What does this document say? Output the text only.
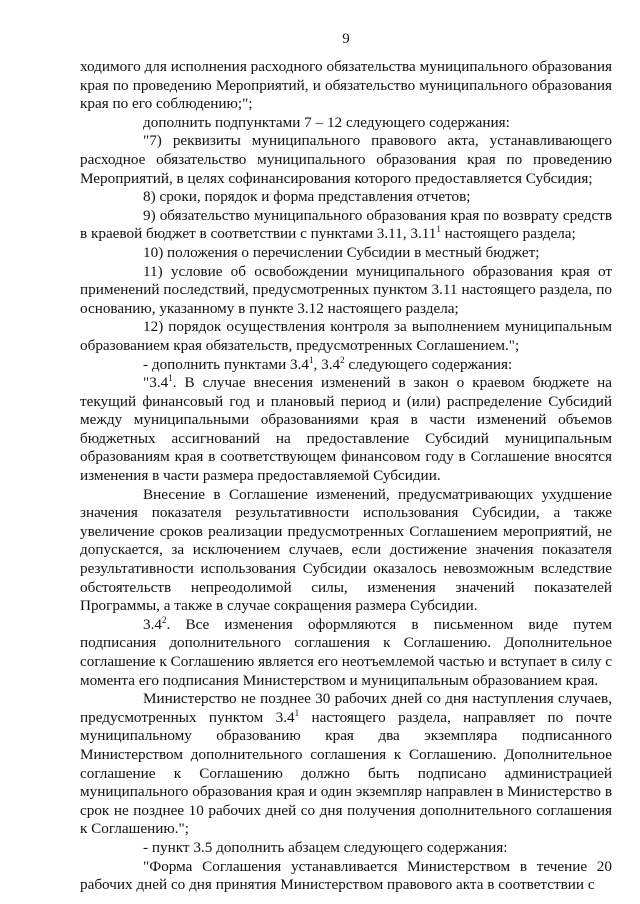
9

ходимого для исполнения расходного обязательства муниципального образования края по проведению Мероприятий, и обязательство муниципального образования края по его соблюдению;";

дополнить подпунктами 7 – 12 следующего содержания:

"7) реквизиты муниципального правового акта, устанавливающего расходное обязательство муниципального образования края по проведению Мероприятий, в целях софинансирования которого предоставляется Субсидия;

8) сроки, порядок и форма представления отчетов;

9) обязательство муниципального образования края по возврату средств в краевой бюджет в соответствии с пунктами 3.11, 3.11$^1$ настоящего раздела;

10) положения о перечислении Субсидии в местный бюджет;

11) условие об освобождении муниципального образования края от применений последствий, предусмотренных пунктом 3.11 настоящего раздела, по основанию, указанному в пункте 3.12 настоящего раздела;

12) порядок осуществления контроля за выполнением муниципальным образованием края обязательств, предусмотренных Соглашением.";

- дополнить пунктами $3.4^1$, $3.4^2$ следующего содержания:

"$3.4^1$. В случае внесения изменений в закон о краевом бюджете на текущий финансовый год и плановый период и (или) распределение Субсидий между муниципальными образованиями края в части изменений объемов бюджетных ассигнований на предоставление Субсидий муниципальным образованиям края в соответствующем финансовом году в Соглашение вносятся изменения в части размера предоставляемой Субсидии.

Внесение в Соглашение изменений, предусматривающих ухудшение значения показателя результативности использования Субсидии, а также увеличение сроков реализации предусмотренных Соглашением мероприятий, не допускается, за исключением случаев, если достижение значения показателя результативности использования Субсидии оказалось невозможным вследствие обстоятельств непреодолимой силы, изменения значений показателей Программы, а также в случае сокращения размера Субсидии.

$3.4^2$. Все изменения оформляются в письменном виде путем подписания дополнительного соглашения к Соглашению. Дополнительное соглашение к Соглашению является его неотъемлемой частью и вступает в силу с момента его подписания Министерством и муниципальным образованием края.

Министерство не позднее 30 рабочих дней со дня наступления случаев, предусмотренных пунктом $3.4^1$ настоящего раздела, направляет по почте муниципальному образованию края два экземпляра подписанного Министерством дополнительного соглашения к Соглашению. Дополнительное соглашение к Соглашению должно быть подписано администрацией муниципального образования края и один экземпляр направлен в Министерство в срок не позднее 10 рабочих дней со дня получения дополнительного соглашения к Соглашению.";

- пункт 3.5 дополнить абзацем следующего содержания:

"Форма Соглашения устанавливается Министерством в течение 20 рабочих дней со дня принятия Министерством правового акта в соответствии с
